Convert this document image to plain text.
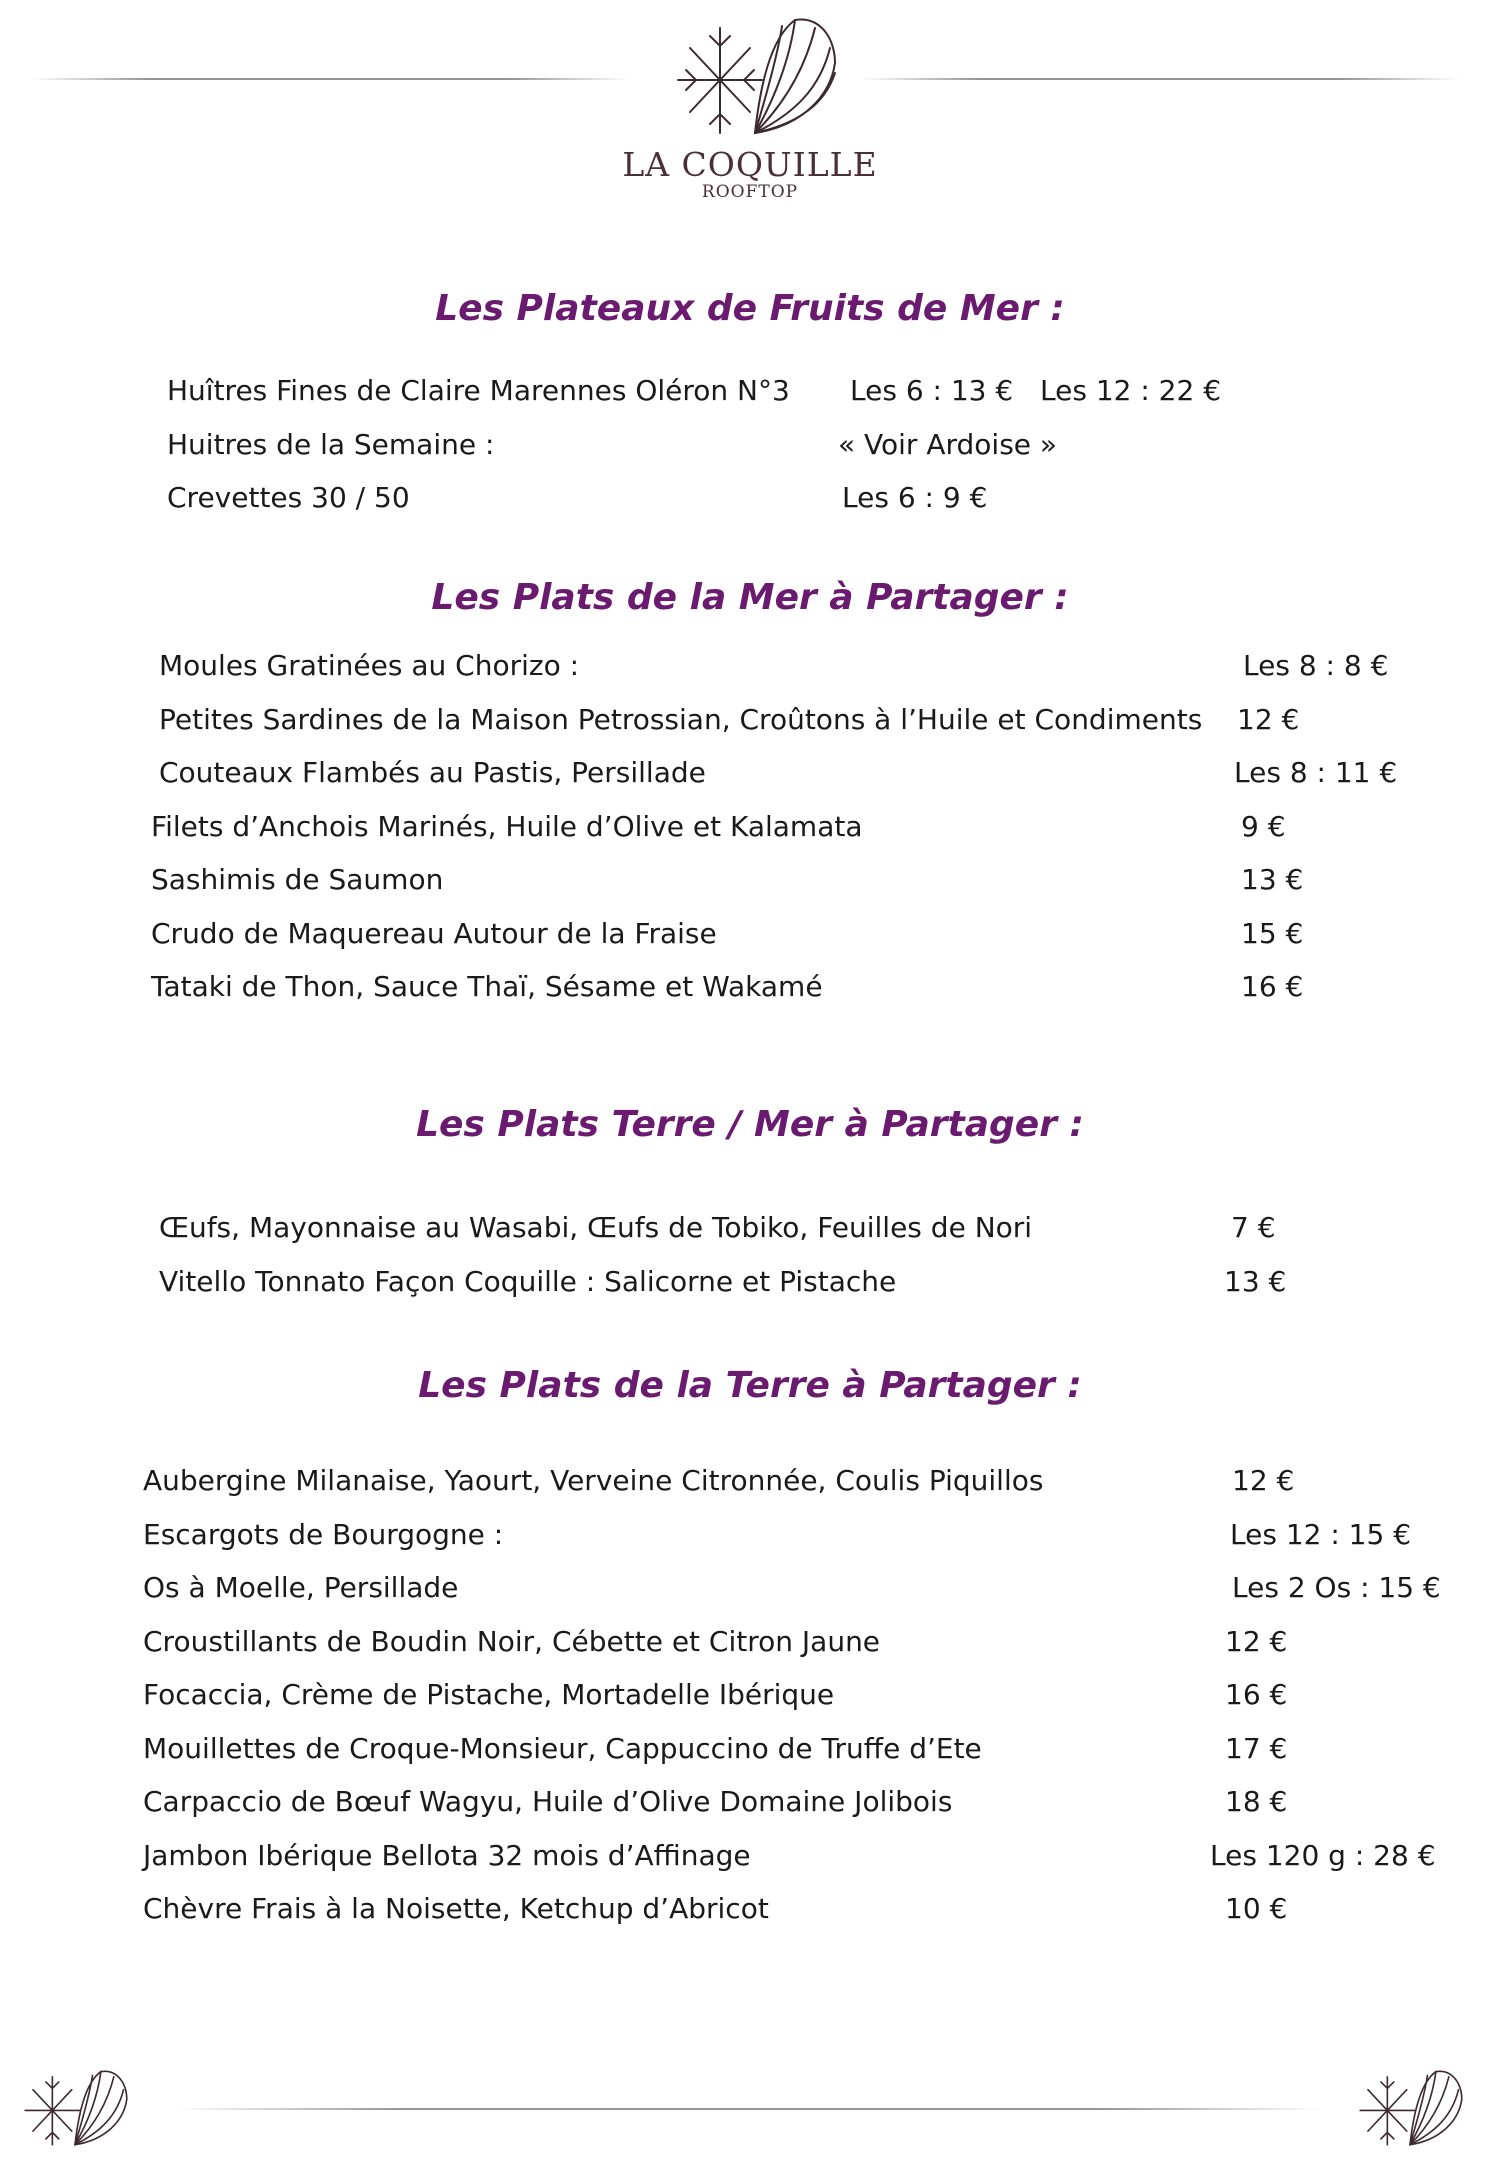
LA COQUILLE
ROOFTOP
Les Plateaux de Fruits de Mer :
Huîtres Fines de Claire Marennes Oléron N°3 Les 6 : 13 € Les 12 : 22 €
Huitres de la Semaine :	« Voir Ardoise »
Crevettes 30 / 50	Les 6 : 9 €
Les Plats de la Mer à Partager :
Moules Gratinées au Chorizo :	Les 8 : 8 €
Petites Sardines de la Maison Petrossian, Croûtons à l’Huile et Condiments 12 €
Couteaux Flambés au Pastis, Persillade	Les 8 : 11 €
Filets d’Anchois Marinés, Huile d’Olive et Kalamata	9 €
Sashimis de Saumon	13 €
Crudo de Maquereau Autour de la Fraise	15 €
Tataki de Thon, Sauce Thaï, Sésame et Wakamé	16 €
Les Plats Terre / Mer à Partager :
Œufs, Mayonnaise au Wasabi, Œufs de Tobiko, Feuilles de Nori	7 €
Vitello Tonnato Façon Coquille : Salicorne et Pistache	13 €
Les Plats de la Terre à Partager :
Aubergine Milanaise, Yaourt, Verveine Citronnée, Coulis Piquillos	12 €
Escargots de Bourgogne :	Les 12 : 15 €
Os à Moelle, Persillade	Les 2 Os : 15 €
Croustillants de Boudin Noir, Cébette et Citron Jaune	12 €
Focaccia, Crème de Pistache, Mortadelle Ibérique	16 €
Mouillettes de Croque-Monsieur, Cappuccino de Truffe d’Ete	17 €
Carpaccio de Bœuf Wagyu, Huile d’Olive Domaine Jolibois	18 €
Jambon Ibérique Bellota 32 mois d’Affinage	Les 120 g : 28 €
Chèvre Frais à la Noisette, Ketchup d’Abricot	10 €
